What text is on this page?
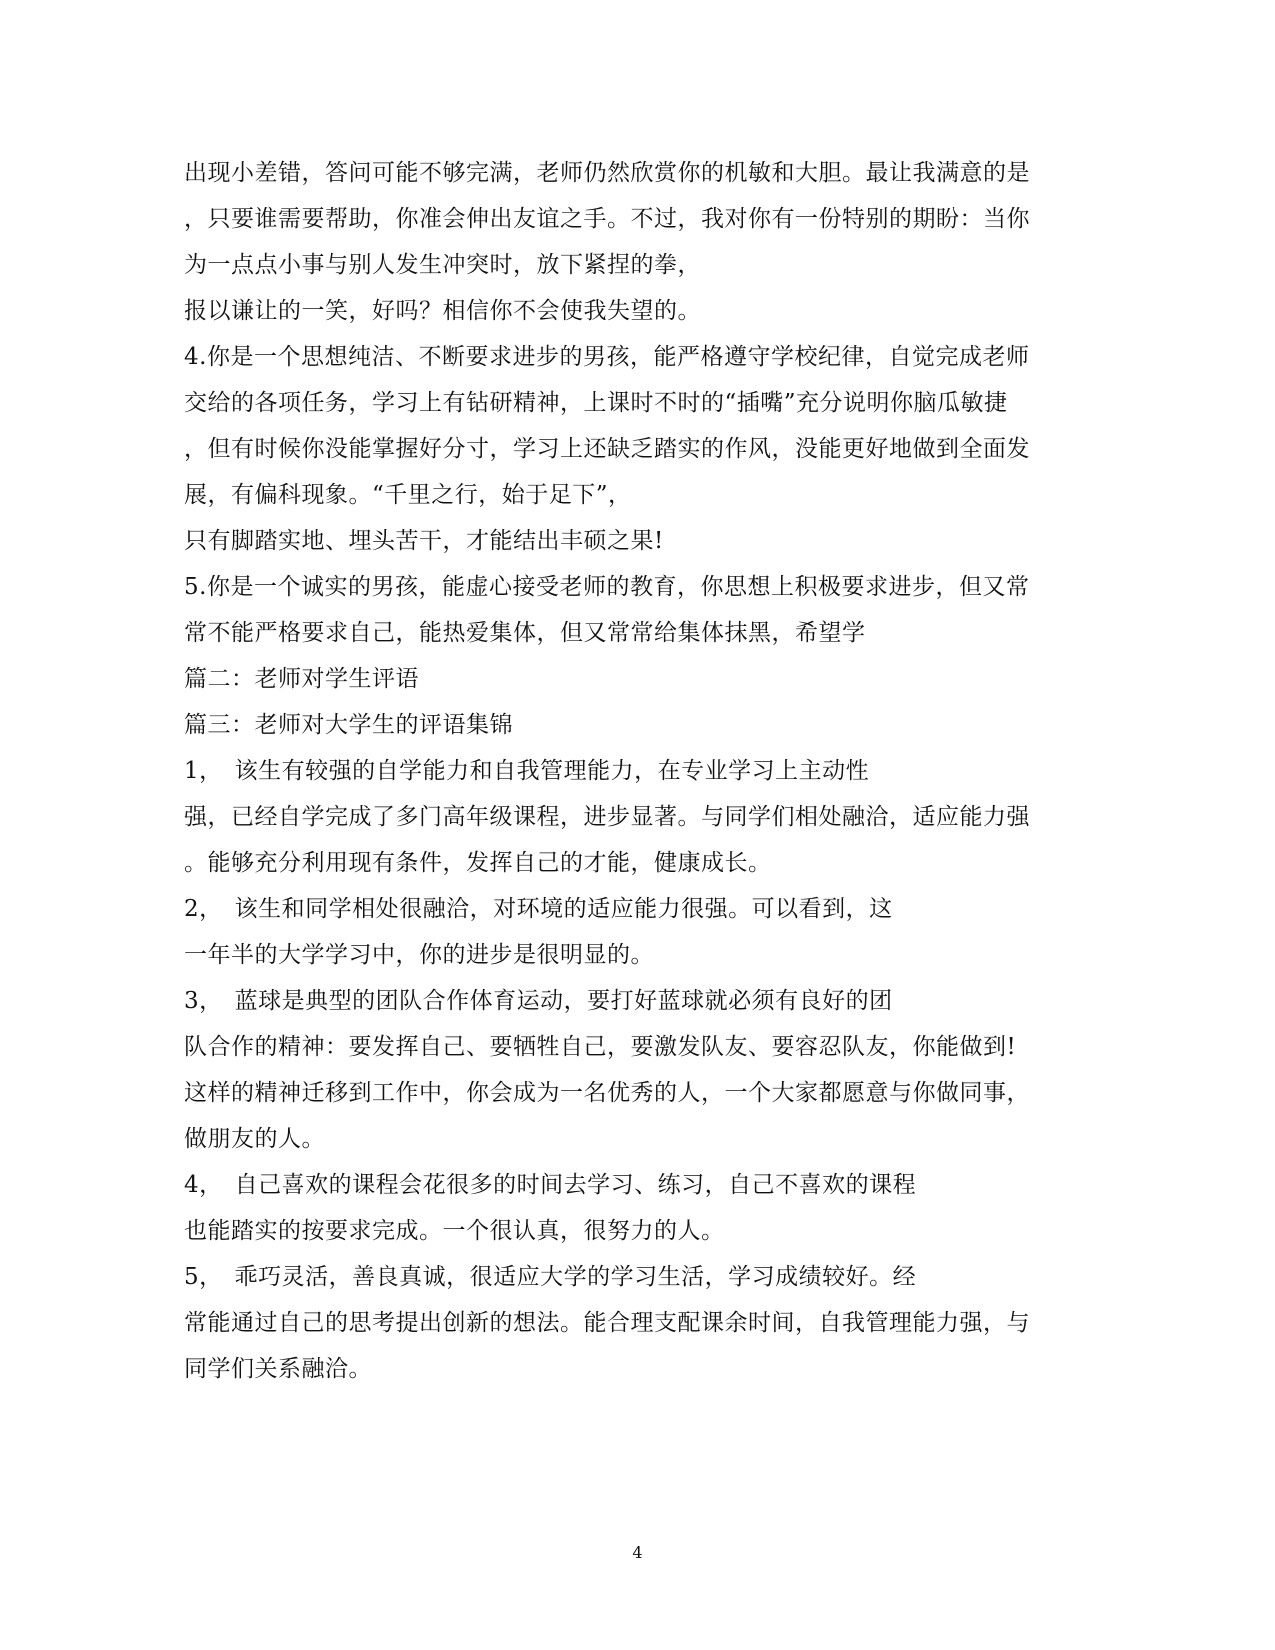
出现小差错，答问可能不够完满，老师仍然欣赏你的机敏和大胆。最让我满意的是
，只要谁需要帮助，你准会伸出友谊之手。不过，我对你有一份特别的期盼：当你
为一点点小事与别人发生冲突时，放下紧捏的拳，
报以谦让的一笑，好吗？相信你不会使我失望的。
4.你是一个思想纯洁、不断要求进步的男孩，能严格遵守学校纪律，自觉完成老师
交给的各项任务，学习上有钻研精神，上课时不时的“插嘴”充分说明你脑瓜敏捷
，但有时候你没能掌握好分寸，学习上还缺乏踏实的作风，没能更好地做到全面发
展，有偏科现象。“千里之行，始于足下”，
只有脚踏实地、埋头苦干，才能结出丰硕之果!
5.你是一个诚实的男孩，能虚心接受老师的教育，你思想上积极要求进步，但又常
常不能严格要求自己，能热爱集体，但又常常给集体抹黑，希望学
篇二：老师对学生评语
篇三：老师对大学生的评语集锦
1，　该生有较强的自学能力和自我管理能力，在专业学习上主动性
强，已经自学完成了多门高年级课程，进步显著。与同学们相处融洽，适应能力强
。能够充分利用现有条件，发挥自己的才能，健康成长。
2，　该生和同学相处很融洽，对环境的适应能力很强。可以看到，这
一年半的大学学习中，你的进步是很明显的。
3，　蓝球是典型的团队合作体育运动，要打好蓝球就必须有良好的团
队合作的精神：要发挥自己、要牺牲自己，要激发队友、要容忍队友，你能做到!
这样的精神迁移到工作中，你会成为一名优秀的人，一个大家都愿意与你做同事，
做朋友的人。
4，　自己喜欢的课程会花很多的时间去学习、练习，自己不喜欢的课程
也能踏实的按要求完成。一个很认真，很努力的人。
5，　乖巧灵活，善良真诚，很适应大学的学习生活，学习成绩较好。经
常能通过自己的思考提出创新的想法。能合理支配课余时间，自我管理能力强，与
同学们关系融洽。
4
